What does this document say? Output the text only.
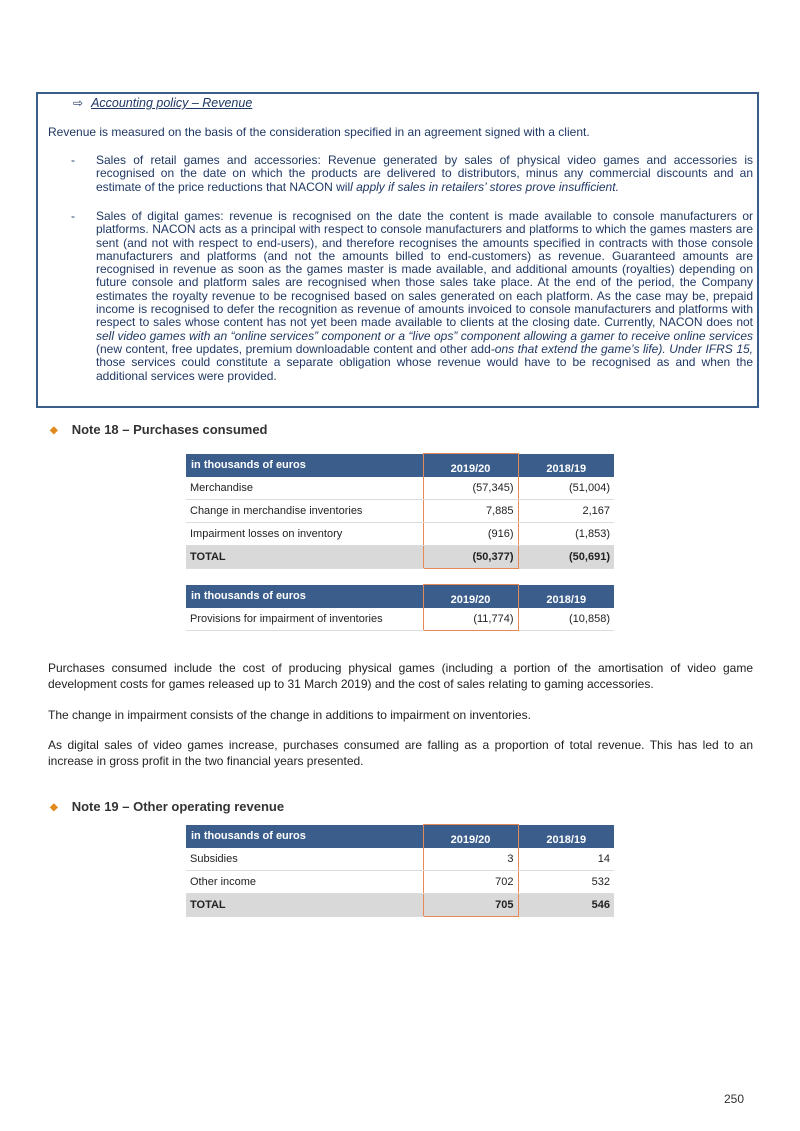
⇨ Accounting policy – Revenue
Revenue is measured on the basis of the consideration specified in an agreement signed with a client.
- Sales of retail games and accessories: Revenue generated by sales of physical video games and accessories is recognised on the date on which the products are delivered to distributors, minus any commercial discounts and an estimate of the price reductions that NACON will apply if sales in retailers’ stores prove insufficient.
- Sales of digital games: revenue is recognised on the date the content is made available to console manufacturers or platforms. NACON acts as a principal with respect to console manufacturers and platforms to which the games masters are sent (and not with respect to end-users), and therefore recognises the amounts specified in contracts with those console manufacturers and platforms (and not the amounts billed to end-customers) as revenue. Guaranteed amounts are recognised in revenue as soon as the games master is made available, and additional amounts (royalties) depending on future console and platform sales are recognised when those sales take place. At the end of the period, the Company estimates the royalty revenue to be recognised based on sales generated on each platform. As the case may be, prepaid income is recognised to defer the recognition as revenue of amounts invoiced to console manufacturers and platforms with respect to sales whose content has not yet been made available to clients at the closing date. Currently, NACON does not sell video games with an “online services” component or a “live ops” component allowing a gamer to receive online services (new content, free updates, premium downloadable content and other add-ons that extend the game’s life). Under IFRS 15, those services could constitute a separate obligation whose revenue would have to be recognised as and when the additional services were provided.
◆ Note 18 – Purchases consumed
in thousands of euros	2019/20	2018/19
Merchandise	(57,345)	(51,004)
Change in merchandise inventories	7,885	2,167
Impairment losses on inventory	(916)	(1,853)
TOTAL	(50,377)	(50,691)
in thousands of euros	2019/20	2018/19
Provisions for impairment of inventories	(11,774)	(10,858)
Purchases consumed include the cost of producing physical games (including a portion of the amortisation of video game development costs for games released up to 31 March 2019) and the cost of sales relating to gaming accessories.
The change in impairment consists of the change in additions to impairment on inventories.
As digital sales of video games increase, purchases consumed are falling as a proportion of total revenue. This has led to an increase in gross profit in the two financial years presented.
◆ Note 19 – Other operating revenue
in thousands of euros	2019/20	2018/19
Subsidies	3	14
Other income	702	532
TOTAL	705	546
250
